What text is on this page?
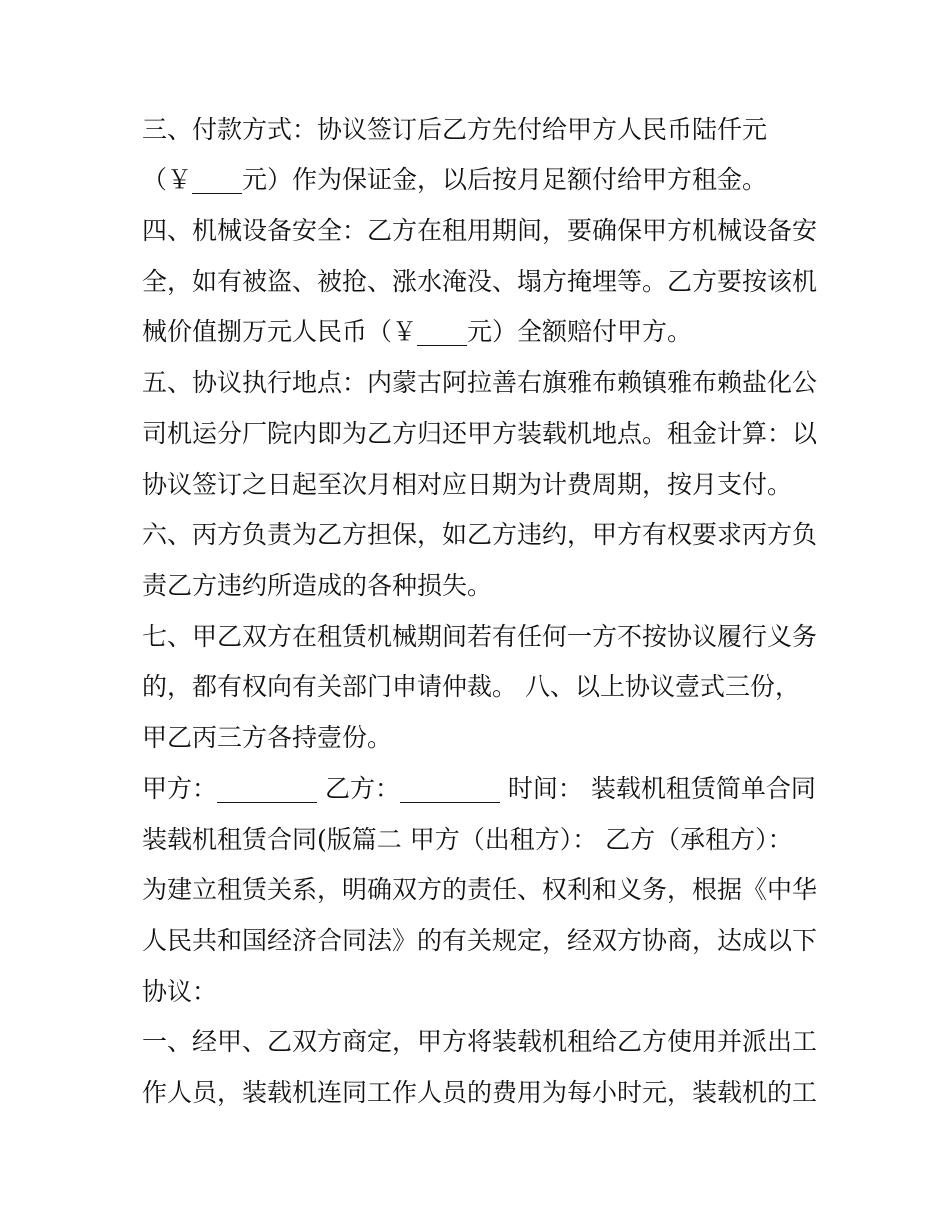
三、付款方式：协议签订后乙方先付给甲方人民币陆仟元
（￥____元）作为保证金，以后按月足额付给甲方租金。
四、机械设备安全：乙方在租用期间，要确保甲方机械设备安
全，如有被盗、被抢、涨水淹没、塌方掩埋等。乙方要按该机
械价值捌万元人民币（￥____元）全额赔付甲方。
五、协议执行地点：内蒙古阿拉善右旗雅布赖镇雅布赖盐化公
司机运分厂院内即为乙方归还甲方装载机地点。租金计算：以
协议签订之日起至次月相对应日期为计费周期，按月支付。
六、丙方负责为乙方担保，如乙方违约，甲方有权要求丙方负
责乙方违约所造成的各种损失。
七、甲乙双方在租赁机械期间若有任何一方不按协议履行义务
的，都有权向有关部门申请仲裁。 八、以上协议壹式三份，
甲乙丙三方各持壹份。
甲方：________ 乙方：________ 时间： 装载机租赁简单合同
装载机租赁合同(版篇二 甲方（出租方）： 乙方（承租方）：
为建立租赁关系，明确双方的责任、权利和义务，根据《中华
人民共和国经济合同法》的有关规定，经双方协商，达成以下
协议：
一、经甲、乙双方商定，甲方将装载机租给乙方使用并派出工
作人员，装载机连同工作人员的费用为每小时元，装载机的工
